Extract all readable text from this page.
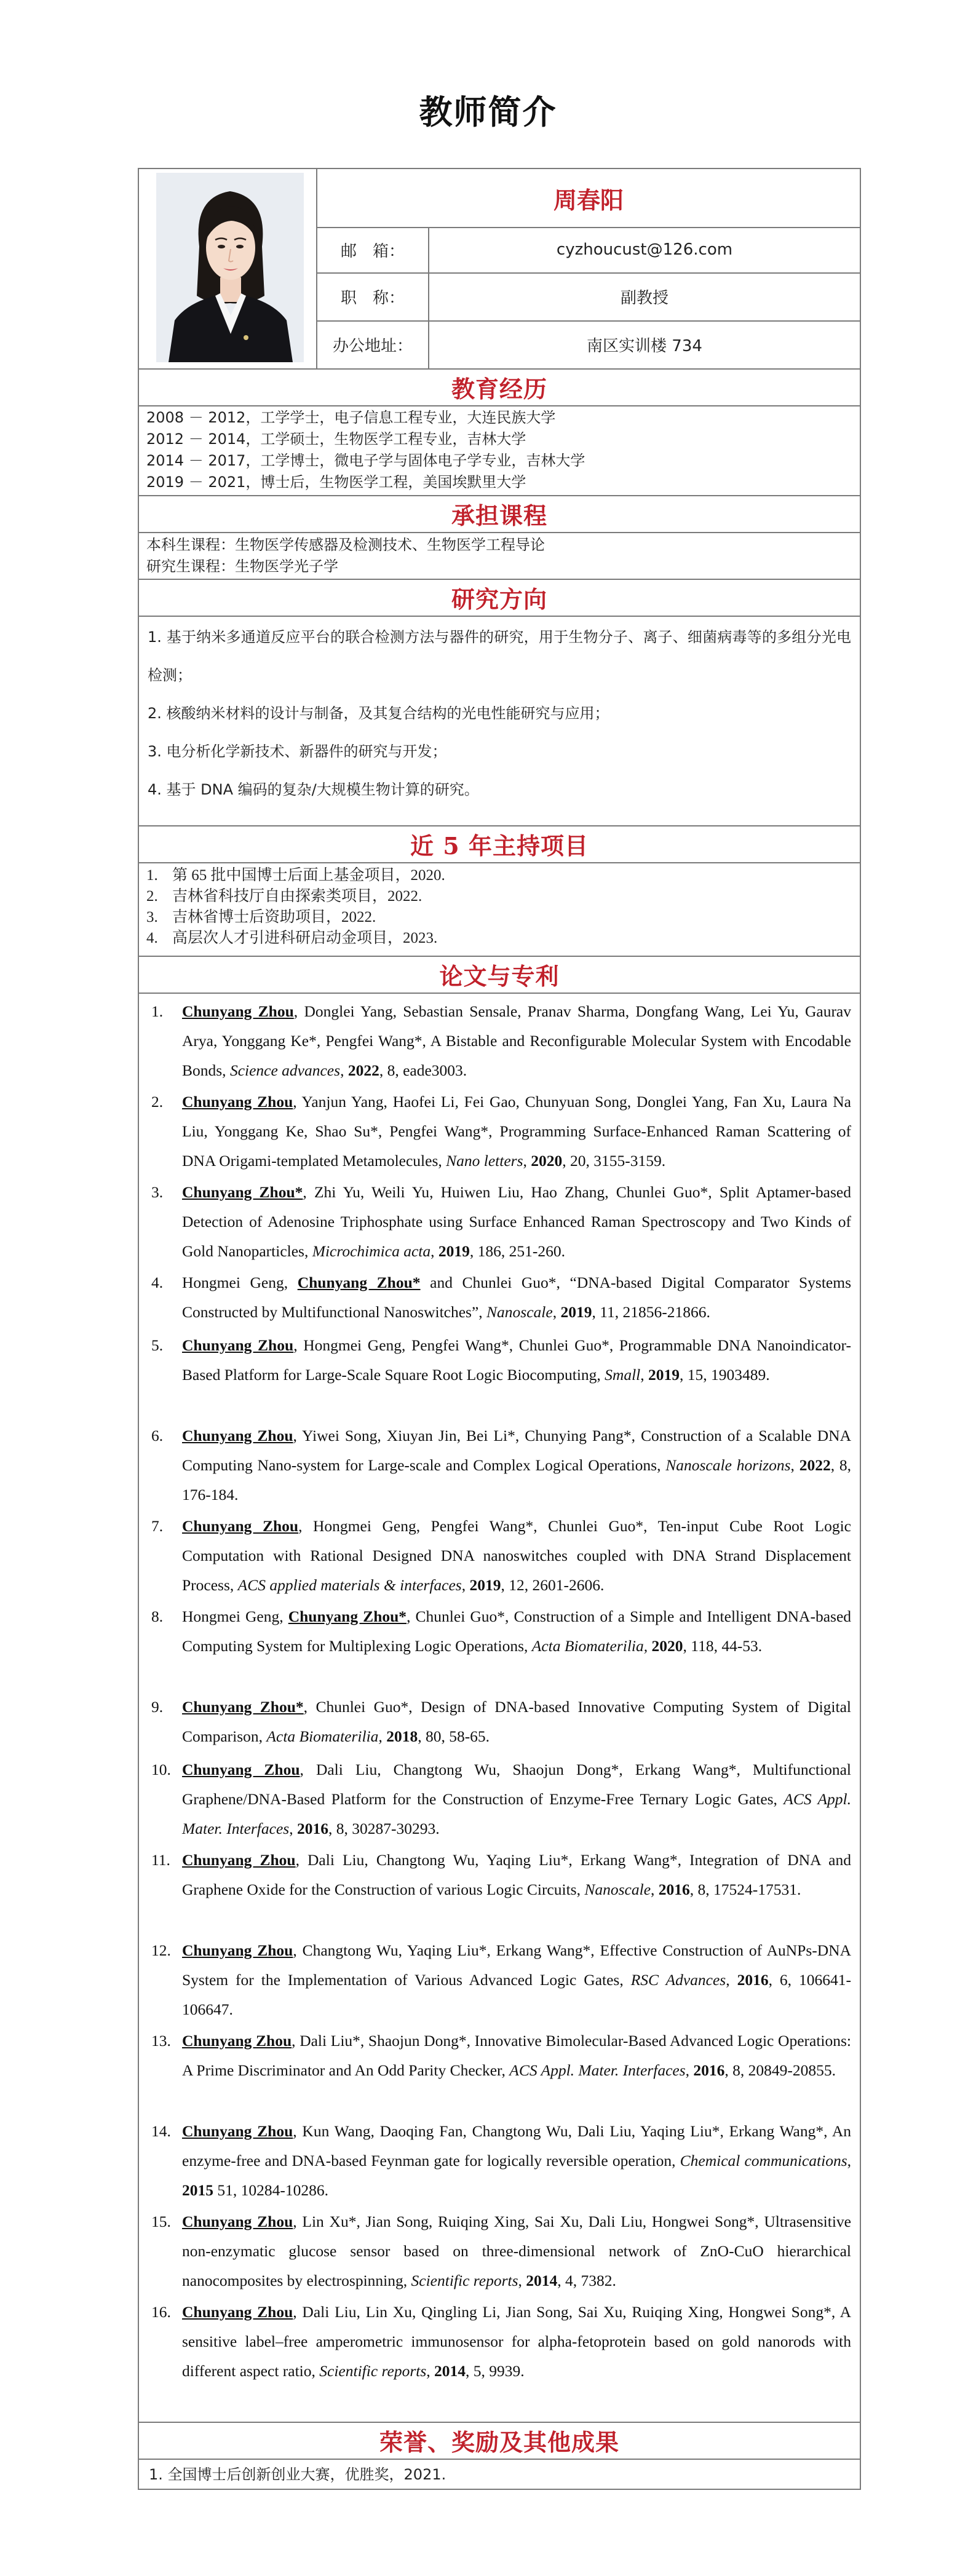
教师简介
周春阳
邮　箱：	cyzhoucust@126.com
职　称：	副教授
办公地址：	南区实训楼 734
教育经历
2008 － 2012，工学学士，电子信息工程专业，大连民族大学
2012 － 2014，工学硕士，生物医学工程专业，吉林大学
2014 － 2017，工学博士，微电子学与固体电子学专业，吉林大学
2019 － 2021，博士后，生物医学工程，美国埃默里大学
承担课程
本科生课程：生物医学传感器及检测技术、生物医学工程导论
研究生课程：生物医学光子学
研究方向
1. 基于纳米多通道反应平台的联合检测方法与器件的研究，用于生物分子、离子、细菌病毒等的多组分光电检测；
2. 核酸纳米材料的设计与制备，及其复合结构的光电性能研究与应用；
3. 电分析化学新技术、新器件的研究与开发；
4. 基于 DNA 编码的复杂/大规模生物计算的研究。
近 5 年主持项目
1. 第 65 批中国博士后面上基金项目，2020.
2. 吉林省科技厅自由探索类项目，2022.
3. 吉林省博士后资助项目，2022.
4. 高层次人才引进科研启动金项目，2023.
论文与专利
1.	Chunyang Zhou, Donglei Yang, Sebastian Sensale, Pranav Sharma, Dongfang Wang, Lei Yu, Gaurav Arya, Yonggang Ke*, Pengfei Wang*, A Bistable and Reconfigurable Molecular System with Encodable Bonds, Science advances, 2022, 8, eade3003.
2.	Chunyang Zhou, Yanjun Yang, Haofei Li, Fei Gao, Chunyuan Song, Donglei Yang, Fan Xu, Laura Na Liu, Yonggang Ke, Shao Su*, Pengfei Wang*, Programming Surface-Enhanced Raman Scattering of DNA Origami-templated Metamolecules, Nano letters, 2020, 20, 3155-3159.
3.	Chunyang Zhou*, Zhi Yu, Weili Yu, Huiwen Liu, Hao Zhang, Chunlei Guo*, Split Aptamer-based Detection of Adenosine Triphosphate using Surface Enhanced Raman Spectroscopy and Two Kinds of Gold Nanoparticles, Microchimica acta, 2019, 186, 251-260.
4.	Hongmei Geng, Chunyang Zhou* and Chunlei Guo*, “DNA-based Digital Comparator Systems Constructed by Multifunctional Nanoswitches”, Nanoscale, 2019, 11, 21856-21866.
5.	Chunyang Zhou, Hongmei Geng, Pengfei Wang*, Chunlei Guo*, Programmable DNA Nanoindicator-Based Platform for Large-Scale Square Root Logic Biocomputing, Small, 2019, 15, 1903489.
6.	Chunyang Zhou, Yiwei Song, Xiuyan Jin, Bei Li*, Chunying Pang*, Construction of a Scalable DNA Computing Nano-system for Large-scale and Complex Logical Operations, Nanoscale horizons, 2022, 8, 176-184.
7.	Chunyang Zhou, Hongmei Geng, Pengfei Wang*, Chunlei Guo*, Ten-input Cube Root Logic Computation with Rational Designed DNA nanoswitches coupled with DNA Strand Displacement Process, ACS applied materials & interfaces, 2019, 12, 2601-2606.
8.	Hongmei Geng, Chunyang Zhou*, Chunlei Guo*, Construction of a Simple and Intelligent DNA-based Computing System for Multiplexing Logic Operations, Acta Biomaterilia, 2020, 118, 44-53.
9.	Chunyang Zhou*, Chunlei Guo*, Design of DNA-based Innovative Computing System of Digital Comparison, Acta Biomaterilia, 2018, 80, 58-65.
10. Chunyang Zhou, Dali Liu, Changtong Wu, Shaojun Dong*, Erkang Wang*, Multifunctional Graphene/DNA-Based Platform for the Construction of Enzyme-Free Ternary Logic Gates, ACS Appl. Mater. Interfaces, 2016, 8, 30287-30293.
11. Chunyang Zhou, Dali Liu, Changtong Wu, Yaqing Liu*, Erkang Wang*, Integration of DNA and Graphene Oxide for the Construction of various Logic Circuits, Nanoscale, 2016, 8, 17524-17531.
12. Chunyang Zhou, Changtong Wu, Yaqing Liu*, Erkang Wang*, Effective Construction of AuNPs-DNA System for the Implementation of Various Advanced Logic Gates, RSC Advances, 2016, 6, 106641-106647.
13. Chunyang Zhou, Dali Liu*, Shaojun Dong*, Innovative Bimolecular-Based Advanced Logic Operations: A Prime Discriminator and An Odd Parity Checker, ACS Appl. Mater. Interfaces, 2016, 8, 20849-20855.
14. Chunyang Zhou, Kun Wang, Daoqing Fan, Changtong Wu, Dali Liu, Yaqing Liu*, Erkang Wang*, An enzyme-free and DNA-based Feynman gate for logically reversible operation, Chemical communications, 2015 51, 10284-10286.
15. Chunyang Zhou, Lin Xu*, Jian Song, Ruiqing Xing, Sai Xu, Dali Liu, Hongwei Song*, Ultrasensitive non-enzymatic glucose sensor based on three-dimensional network of ZnO-CuO hierarchical nanocomposites by electrospinning, Scientific reports, 2014, 4, 7382.
16. Chunyang Zhou, Dali Liu, Lin Xu, Qingling Li, Jian Song, Sai Xu, Ruiqing Xing, Hongwei Song*, A sensitive label–free amperometric immunosensor for alpha-fetoprotein based on gold nanorods with different aspect ratio, Scientific reports, 2014, 5, 9939.
荣誉、奖励及其他成果
1. 全国博士后创新创业大赛，优胜奖，2021.
